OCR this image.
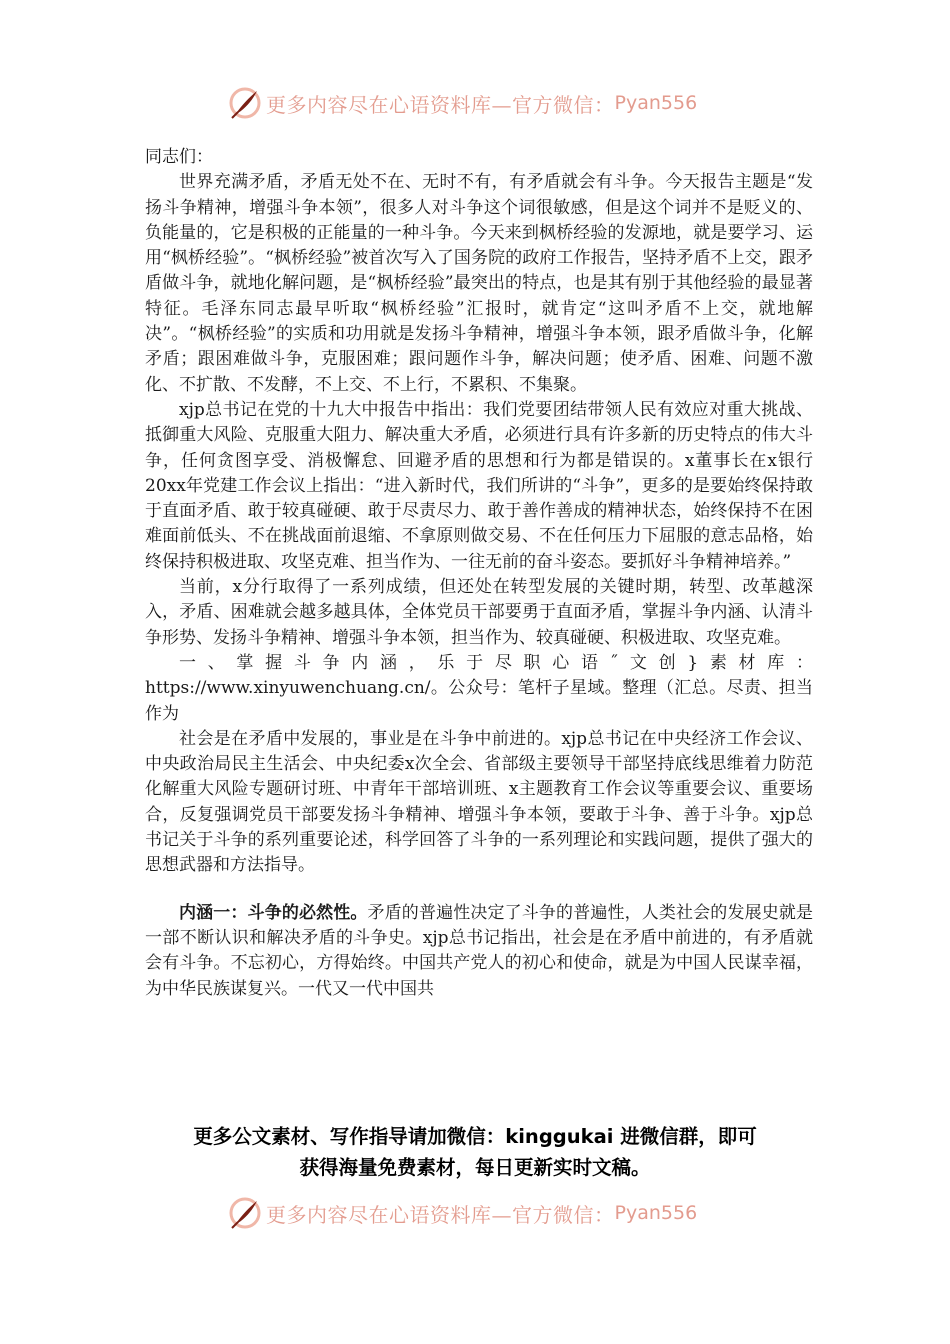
更多内容尽在心语资料库—官方微信： Pyan556

同志们：

世界充满矛盾，矛盾无处不在、无时不有，有矛盾就会有斗争。今天报告主题是“发扬斗争精神，增强斗争本领”，很多人对斗争这个词很敏感，但是这个词并不是贬义的、负能量的，它是积极的正能量的一种斗争。今天来到枫桥经验的发源地，就是要学习、运用“枫桥经验”。“枫桥经验”被首次写入了国务院的政府工作报告，坚持矛盾不上交，跟矛盾做斗争，就地化解问题，是“枫桥经验”最突出的特点，也是其有别于其他经验的最显著特征。毛泽东同志最早听取“枫桥经验”汇报时，就肯定“这叫矛盾不上交，就地解决”。“枫桥经验”的实质和功用就是发扬斗争精神，增强斗争本领，跟矛盾做斗争，化解矛盾；跟困难做斗争，克服困难；跟问题作斗争，解决问题；使矛盾、困难、问题不激化、不扩散、不发酵，不上交、不上行，不累积、不集聚。

xjp总书记在党的十九大中报告中指出：我们党要团结带领人民有效应对重大挑战、抵御重大风险、克服重大阻力、解决重大矛盾，必须进行具有许多新的历史特点的伟大斗争，任何贪图享受、消极懈怠、回避矛盾的思想和行为都是错误的。x董事长在x银行20xx年党建工作会议上指出：“进入新时代，我们所讲的“斗争”，更多的是要始终保持敢于直面矛盾、敢于较真碰硬、敢于尽责尽力、敢于善作善成的精神状态，始终保持不在困难面前低头、不在挑战面前退缩、不拿原则做交易、不在任何压力下屈服的意志品格，始终保持积极进取、攻坚克难、担当作为、一往无前的奋斗姿态。要抓好斗争精神培养。”

当前，x分行取得了一系列成绩，但还处在转型发展的关键时期，转型、改革越深入，矛盾、困难就会越多越具体，全体党员干部要勇于直面矛盾，掌握斗争内涵、认清斗争形势、发扬斗争精神、增强斗争本领，担当作为、较真碰硬、积极进取、攻坚克难。

一、掌握斗争内涵，乐于尽职心语˝文创}素材库：https://www.xinyuwenchuang.cn/。公众号：笔杆子星域。整理（汇总。尽责、担当作为

社会是在矛盾中发展的，事业是在斗争中前进的。xjp总书记在中央经济工作会议、中央政治局民主生活会、中央纪委x次全会、省部级主要领导干部坚持底线思维着力防范化解重大风险专题研讨班、中青年干部培训班、x主题教育工作会议等重要会议、重要场合，反复强调党员干部要发扬斗争精神、增强斗争本领，要敢于斗争、善于斗争。xjp总书记关于斗争的系列重要论述，科学回答了斗争的一系列理论和实践问题，提供了强大的思想武器和方法指导。

内涵一：斗争的必然性。矛盾的普遍性决定了斗争的普遍性，人类社会的发展史就是一部不断认识和解决矛盾的斗争史。xjp总书记指出，社会是在矛盾中前进的，有矛盾就会有斗争。不忘初心，方得始终。中国共产党人的初心和使命，就是为中国人民谋幸福，为中华民族谋复兴。一代又一代中国共

更多公文素材、写作指导请加微信：kinggukai 进微信群，即可
获得海量免费素材，每日更新实时文稿。
更多内容尽在心语资料库—官方微信： Pyan556
